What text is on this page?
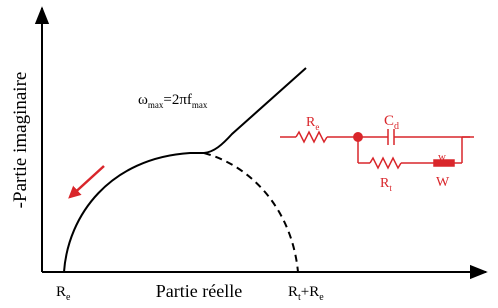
-Partie imaginaire
Partie réelle
$R_e$	$R_t+R_e$
$\omega_{max}=2\pi f_{max}$
$R_e$	$C_d$
$R_t$
$w_o$
W
